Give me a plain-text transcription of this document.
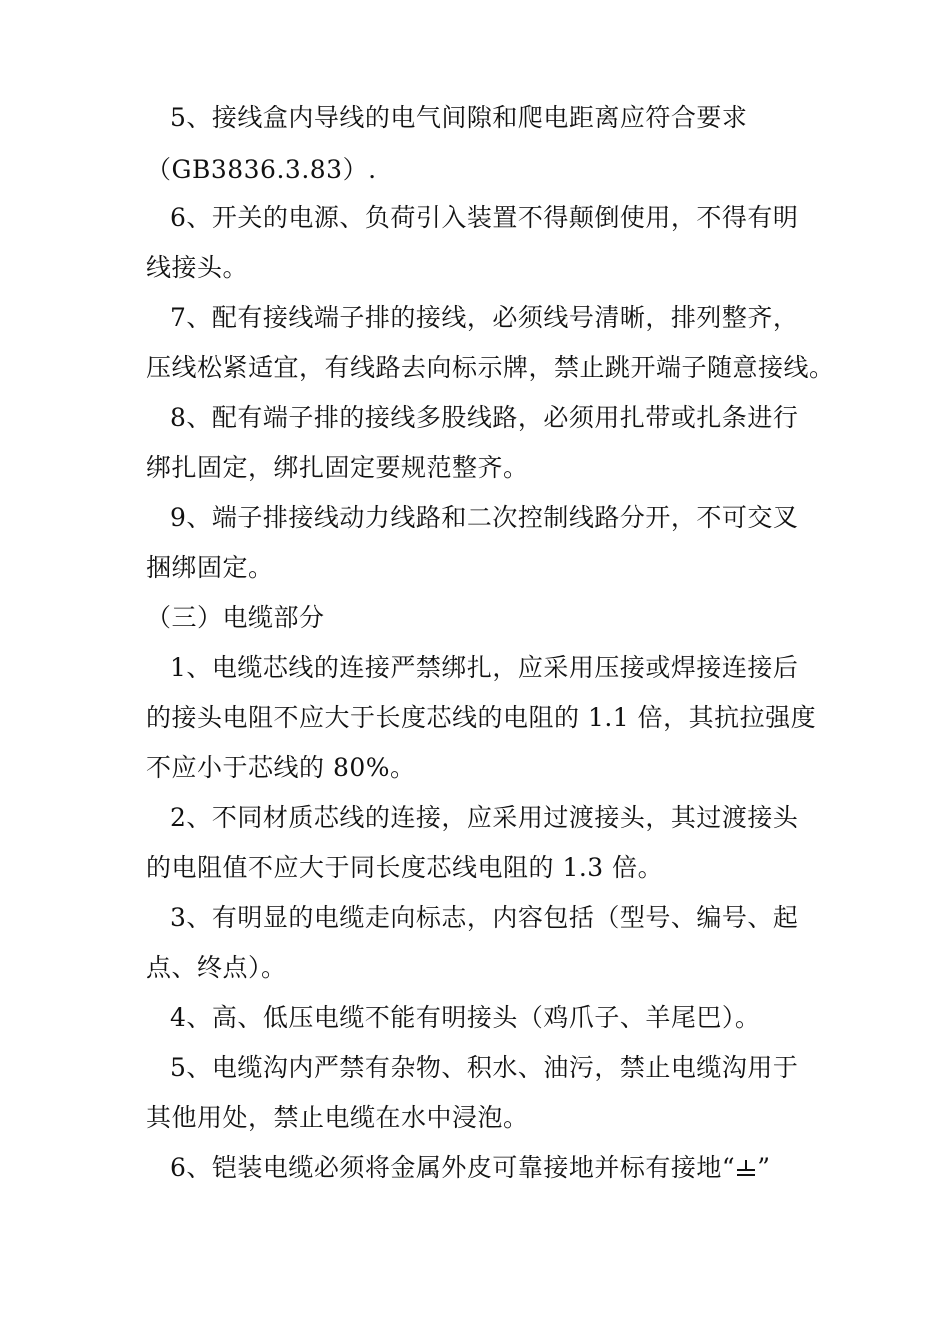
5、接线盒内导线的电气间隙和爬电距离应符合要求
（GB3836.3.83）.
6、开关的电源、负荷引入装置不得颠倒使用，不得有明
线接头。
7、配有接线端子排的接线，必须线号清晰，排列整齐，
压线松紧适宜，有线路去向标示牌，禁止跳开端子随意接线。
8、配有端子排的接线多股线路，必须用扎带或扎条进行
绑扎固定，绑扎固定要规范整齐。
9、端子排接线动力线路和二次控制线路分开，不可交叉
捆绑固定。
（三）电缆部分
1、电缆芯线的连接严禁绑扎，应采用压接或焊接连接后
的接头电阻不应大于长度芯线的电阻的 1.1 倍，其抗拉强度
不应小于芯线的 80%。
2、不同材质芯线的连接，应采用过渡接头，其过渡接头
的电阻值不应大于同长度芯线电阻的 1.3 倍。
3、有明显的电缆走向标志，内容包括（型号、编号、起
点、终点）。
4、高、低压电缆不能有明接头（鸡爪子、羊尾巴）。
5、电缆沟内严禁有杂物、积水、油污，禁止电缆沟用于
其他用处，禁止电缆在水中浸泡。
6、铠装电缆必须将金属外皮可靠接地并标有接地“ ”
